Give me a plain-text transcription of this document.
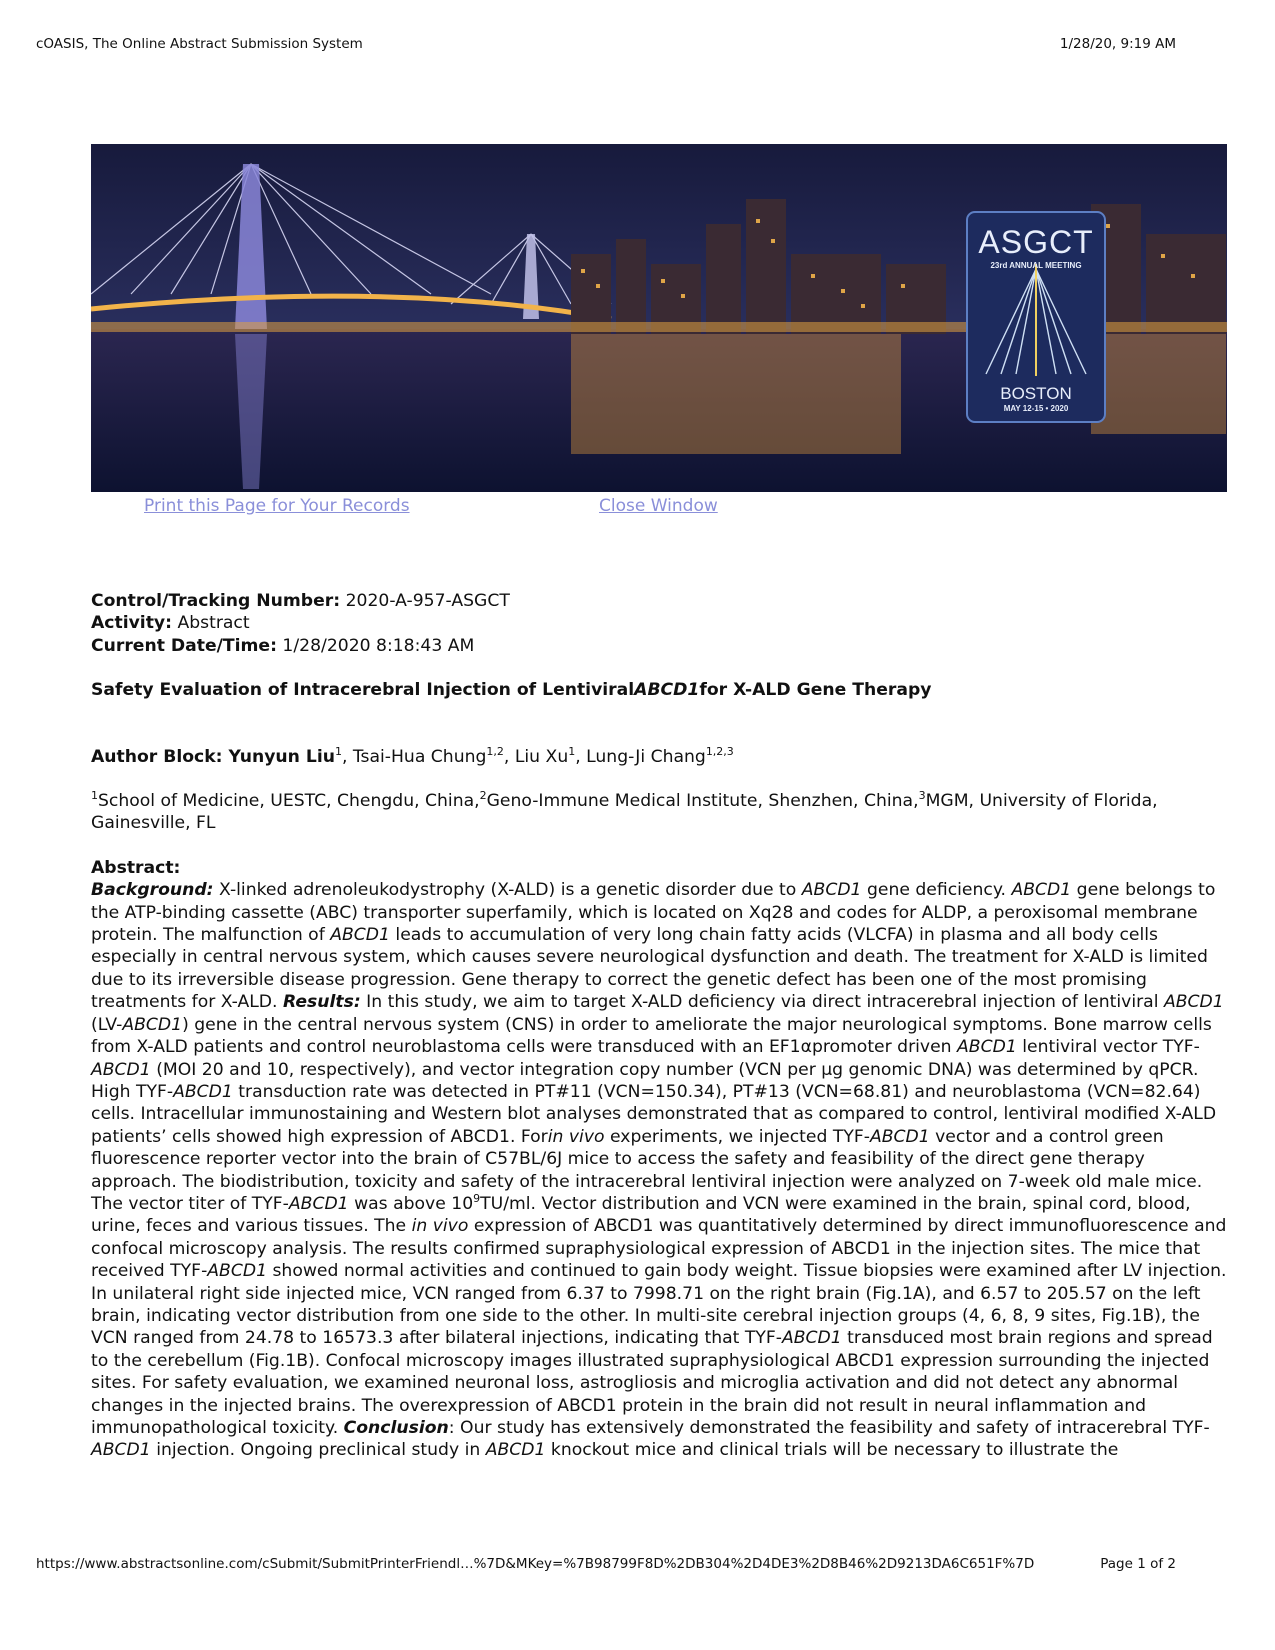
cOASIS, The Online Abstract Submission System	1/28/20, 9:19 AM
ASGCT
23rd ANNUAL MEETING
BOSTON
MAY 12-15 • 2020
Print this Page for Your Records	Close Window
Control/Tracking Number: 2020-A-957-ASGCT
Activity: Abstract
Current Date/Time: 1/28/2020 8:18:43 AM
Safety Evaluation of Intracerebral Injection of LentiviralABCD1for X-ALD Gene Therapy
Author Block: Yunyun Liu$^1$, Tsai-Hua Chung$^{1,2}$, Liu Xu$^1$, Lung-Ji Chang$^{1,2,3}$
$^1$School of Medicine, UESTC, Chengdu, China,$^2$Geno-Immune Medical Institute, Shenzhen, China,$^3$MGM, University of Florida, Gainesville, FL
Abstract:

Background: X-linked adrenoleukodystrophy (X-ALD) is a genetic disorder due to ABCD1 gene deficiency. ABCD1 gene belongs to the ATP-binding cassette (ABC) transporter superfamily, which is located on Xq28 and codes for ALDP, a peroxisomal membrane protein. The malfunction of ABCD1 leads to accumulation of very long chain fatty acids (VLCFA) in plasma and all body cells especially in central nervous system, which causes severe neurological dysfunction and death. The treatment for X-ALD is limited due to its irreversible disease progression. Gene therapy to correct the genetic defect has been one of the most promising treatments for X-ALD. Results: In this study, we aim to target X-ALD deficiency via direct intracerebral injection of lentiviral ABCD1 (LV-ABCD1) gene in the central nervous system (CNS) in order to ameliorate the major neurological symptoms. Bone marrow cells from X-ALD patients and control neuroblastoma cells were transduced with an EF1αpromoter driven ABCD1 lentiviral vector TYF-ABCD1 (MOI 20 and 10, respectively), and vector integration copy number (VCN per μg genomic DNA) was determined by qPCR. High TYF-ABCD1 transduction rate was detected in PT#11 (VCN=150.34), PT#13 (VCN=68.81) and neuroblastoma (VCN=82.64) cells. Intracellular immunostaining and Western blot analyses demonstrated that as compared to control, lentiviral modified X-ALD patients’ cells showed high expression of ABCD1. Forin vivo experiments, we injected TYF-ABCD1 vector and a control green fluorescence reporter vector into the brain of C57BL/6J mice to access the safety and feasibility of the direct gene therapy approach. The biodistribution, toxicity and safety of the intracerebral lentiviral injection were analyzed on 7-week old male mice. The vector titer of TYF-ABCD1 was above $10^9TU/ml$. Vector distribution and VCN were examined in the brain, spinal cord, blood, urine, feces and various tissues. The in vivo expression of ABCD1 was quantitatively determined by direct immunofluorescence and confocal microscopy analysis. The results confirmed supraphysiological expression of ABCD1 in the injection sites. The mice that received TYF-ABCD1 showed normal activities and continued to gain body weight. Tissue biopsies were examined after LV injection. In unilateral right side injected mice, VCN ranged from 6.37 to 7998.71 on the right brain (Fig.1A), and 6.57 to 205.57 on the left brain, indicating vector distribution from one side to the other. In multi-site cerebral injection groups (4, 6, 8, 9 sites, Fig.1B), the VCN ranged from 24.78 to 16573.3 after bilateral injections, indicating that TYF-ABCD1 transduced most brain regions and spread to the cerebellum (Fig.1B). Confocal microscopy images illustrated supraphysiological ABCD1 expression surrounding the injected sites. For safety evaluation, we examined neuronal loss, astrogliosis and microglia activation and did not detect any abnormal changes in the injected brains. The overexpression of ABCD1 protein in the brain did not result in neural inflammation and immunopathological toxicity. Conclusion: Our study has extensively demonstrated the feasibility and safety of intracerebral TYF-ABCD1 injection. Ongoing preclinical study in ABCD1 knockout mice and clinical trials will be necessary to illustrate the

https://www.abstractsonline.com/cSubmit/SubmitPrinterFriendl…%7D&MKey=%7B98799F8D%2DB304%2D4DE3%2D8B46%2D9213DA6C651F%7D	Page 1 of 2
